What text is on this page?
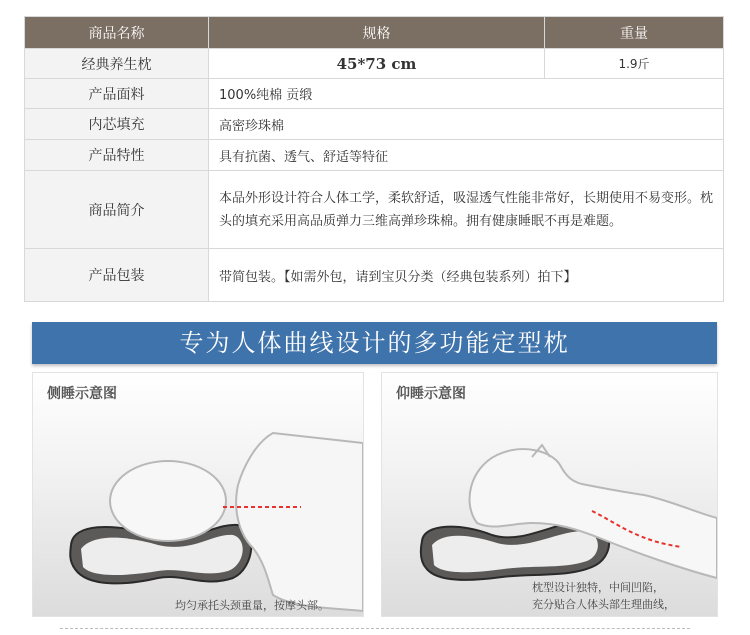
商品名称	规格	重量
经典养生枕	45*73 cm	1.9斤
产品面料	100%纯棉 贡缎	
内芯填充	高密珍珠棉	
产品特性	具有抗菌、透气、舒适等特征	
商品简介	本品外形设计符合人体工学，柔软舒适，吸湿透气性能非常好，长期使用不易变形。枕头的填充采用高品质弹力三维高弹珍珠棉。拥有健康睡眠不再是难题。	
产品包装	带简包装。【如需外包，请到宝贝分类（经典包装系列）拍下】	
专为人体曲线设计的多功能定型枕
侧睡示意图
均匀承托头颈重量，按摩头部。
仰睡示意图
枕型设计独特，中间凹陷，
充分贴合人体头部生理曲线，
